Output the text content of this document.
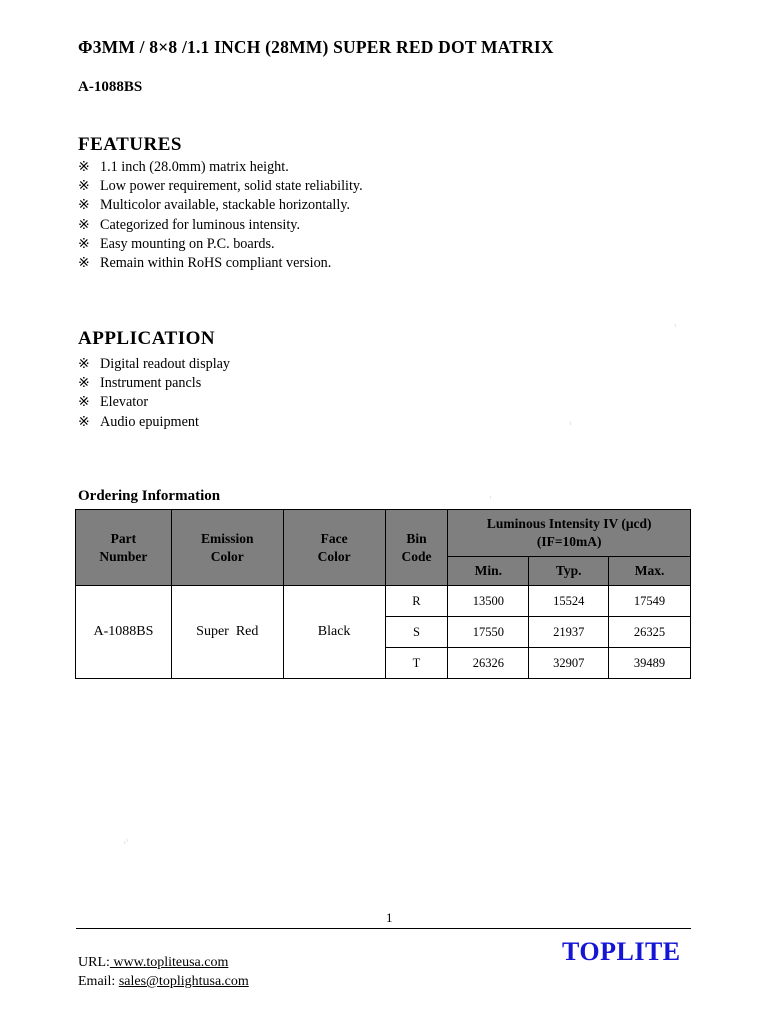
Φ3MM / 8×8 /1.1 INCH (28MM) SUPER RED DOT MATRIX
A-1088BS
FEATURES
※ 1.1 inch (28.0mm) matrix height.
※ Low power requirement, solid state reliability.
※ Multicolor available, stackable horizontally.
※ Categorized for luminous intensity.
※ Easy mounting on P.C. boards.
※ Remain within RoHS compliant version.
APPLICATION
※ Digital readout display
※ Instrument pancls
※ Elevator
※ Audio epuipment
ᐟ
ᐟ
ᐟ
ᐟᐟ
Ordering Information
Part Number	Emission Color	Face Color	Bin Code	Luminous Intensity IV (μcd)
(IF=10mA)		

				Min.	Typ.	Max.
A-1088BS	Super  Red	Black	R	13500	15524	17549
			S	17550	21937	26325
			T	26326	32907	39489
1
URL: www.topliteusa.com
Email: sales@toplightusa.com
TOPLITE
